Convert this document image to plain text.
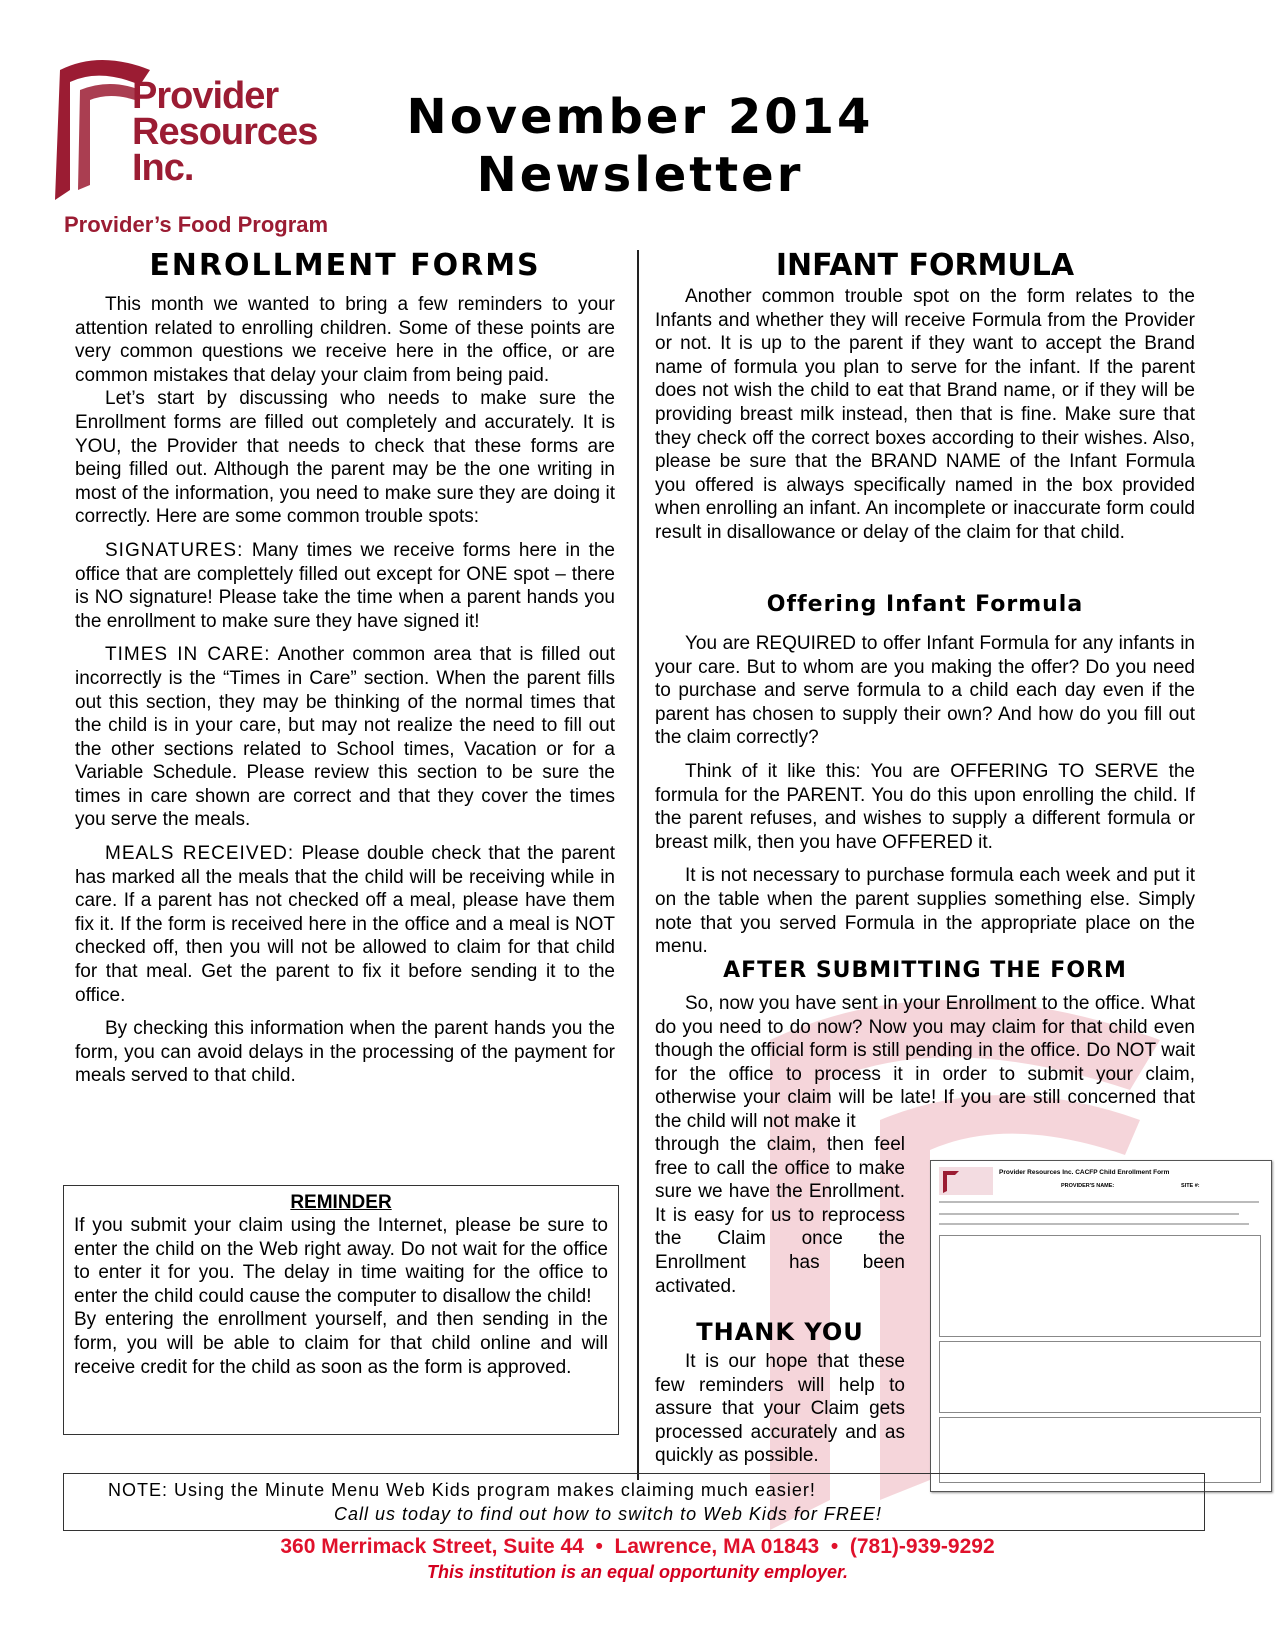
Provider
Resources
Inc.
Provider’s Food Program
November 2014
Newsletter
ENROLLMENT FORMS

This month we wanted to bring a few reminders to your attention related to enrolling children. Some of these points are very common questions we receive here in the office, or are common mistakes that delay your claim from being paid.

Let’s start by discussing who needs to make sure the Enrollment forms are filled out completely and accurately. It is YOU, the Provider that needs to check that these forms are being filled out. Although the parent may be the one writing in most of the information, you need to make sure they are doing it correctly. Here are some common trouble spots:

SIGNATURES: Many times we receive forms here in the office that are complettely filled out except for ONE spot – there is NO signature! Please take the time when a parent hands you the enrollment to make sure they have signed it!

TIMES IN CARE: Another common area that is filled out incorrectly is the “Times in Care” section. When the parent fills out this section, they may be thinking of the normal times that the child is in your care, but may not realize the need to fill out the other sections related to School times, Vacation or for a Variable Schedule. Please review this section to be sure the times in care shown are correct and that they cover the times you serve the meals.

MEALS RECEIVED: Please double check that the parent has marked all the meals that the child will be receiving while in care. If a parent has not checked off a meal, please have them fix it. If the form is received here in the office and a meal is NOT checked off, then you will not be allowed to claim for that child for that meal. Get the parent to fix it before sending it to the office.

By checking this information when the parent hands you the form, you can avoid delays in the processing of the payment for meals served to that child.

REMINDER
If you submit your claim using the Internet, please be sure to enter the child on the Web right away. Do not wait for the office to enter it for you. The delay in time waiting for the office to enter the child could cause the computer to disallow the child!
By entering the enrollment yourself, and then sending in the form, you will be able to claim for that child online and will receive credit for the child as soon as the form is approved.
INFANT FORMULA

Another common trouble spot on the form relates to the Infants and whether they will receive Formula from the Provider or not. It is up to the parent if they want to accept the Brand name of formula you plan to serve for the infant. If the parent does not wish the child to eat that Brand name, or if they will be providing breast milk instead, then that is fine. Make sure that they check off the correct boxes according to their wishes. Also, please be sure that the BRAND NAME of the Infant Formula you offered is always specifically named in the box provided when enrolling an infant. An incomplete or inaccurate form could result in disallowance or delay of the claim for that child.

Offering Infant Formula

You are REQUIRED to offer Infant Formula for any infants in your care. But to whom are you making the offer? Do you need to purchase and serve formula to a child each day even if the parent has chosen to supply their own? And how do you fill out the claim correctly?

Think of it like this: You are OFFERING TO SERVE the formula for the PARENT. You do this upon enrolling the child. If the parent refuses, and wishes to supply a different formula or breast milk, then you have OFFERED it.

It is not necessary to purchase formula each week and put it on the table when the parent supplies something else. Simply note that you served Formula in the appropriate place on the menu.

AFTER SUBMITTING THE FORM

So, now you have sent in your Enrollment to the office. What do you need to do now? Now you may claim for that child even though the official form is still pending in the office. Do NOT wait for the office to process it in order to submit your claim, otherwise your claim will be late! If you are still concerned that the child will not make it

through the claim, then feel free to call the office to make sure we have the Enrollment. It is easy for us to reprocess the Claim once the Enrollment has been activated.
THANK YOU

It is our hope that these few reminders will help to assure that your Claim gets processed accurately and as quickly as possible.

Provider Resources Inc. CACFP Child Enrollment Form
PROVIDER'S NAME:	SITE #:
NOTE: Using the Minute Menu Web Kids program makes claiming much easier!
Call us today to find out how to switch to Web Kids for FREE!
360 Merrimack Street, Suite 44  •  Lawrence, MA 01843  •  (781)-939-9292
This institution is an equal opportunity employer.
